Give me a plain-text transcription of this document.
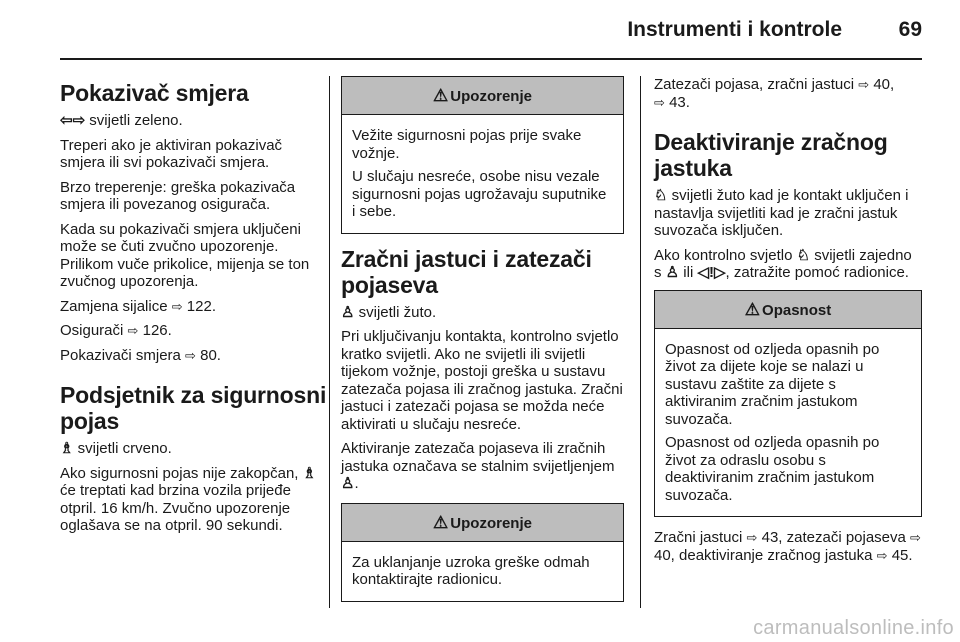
Instrumenti i kontrole	69
Pokazivač smjera

⇦⇨ svijetli zeleno.

Treperi ako je aktiviran pokazivač smjera ili svi pokazivači smjera.

Brzo treperenje: greška pokazivača smjera ili povezanog osigurača.

Kada su pokazivači smjera uključeni može se čuti zvučno upozorenje. Prilikom vuče prikolice, mijenja se ton zvučnog upozorenja.

Zamjena sijalice ⇨ 122.

Osigurači ⇨ 126.

Pokazivači smjera ⇨ 80.

Podsjetnik za sigurnosni pojas

♗ svijetli crveno.

Ako sigurnosni pojas nije zakopčan, ♗ će treptati kad brzina vozila prijeđe otpril. 16 km/h. Zvučno upozorenje oglašava se na otpril. 90 sekundi.

⚠ Upozorenje

Vežite sigurnosni pojas prije svake vožnje.

U slučaju nesreće, osobe nisu vezale sigurnosni pojas ugrožavaju suputnike i sebe.

Zračni jastuci i zatezači pojaseva

♙ svijetli žuto.

Pri uključivanju kontakta, kontrolno svjetlo kratko svijetli. Ako ne svijetli ili svijetli tijekom vožnje, postoji greška u sustavu zatezača pojasa ili zračnog jastuka. Zračni jastuci i zatezači pojasa se možda neće aktivirati u slučaju nesreće.

Aktiviranje zatezača pojaseva ili zračnih jastuka označava se stalnim svijetljenjem ♙.

⚠ Upozorenje

Za uklanjanje uzroka greške odmah kontaktirajte radionicu.

Zatezači pojasa, zračni jastuci ⇨ 40,
⇨ 43.

Deaktiviranje zračnog jastuka

♘ svijetli žuto kad je kontakt uključen i nastavlja svijetliti kad je zračni jastuk suvozača isključen.

Ako kontrolno svjetlo ♘ svijetli zajedno s ♙ ili ◁!▷, zatražite pomoć radionice.

⚠ Opasnost

Opasnost od ozljeda opasnih po život za dijete koje se nalazi u sustavu zaštite za dijete s aktiviranim zračnim jastukom suvozača.

Opasnost od ozljeda opasnih po život za odraslu osobu s deaktiviranim zračnim jastukom suvozača.

Zračni jastuci ⇨ 43, zatezači pojaseva ⇨ 40, deaktiviranje zračnog jastuka ⇨ 45.

carmanualsonline.info
